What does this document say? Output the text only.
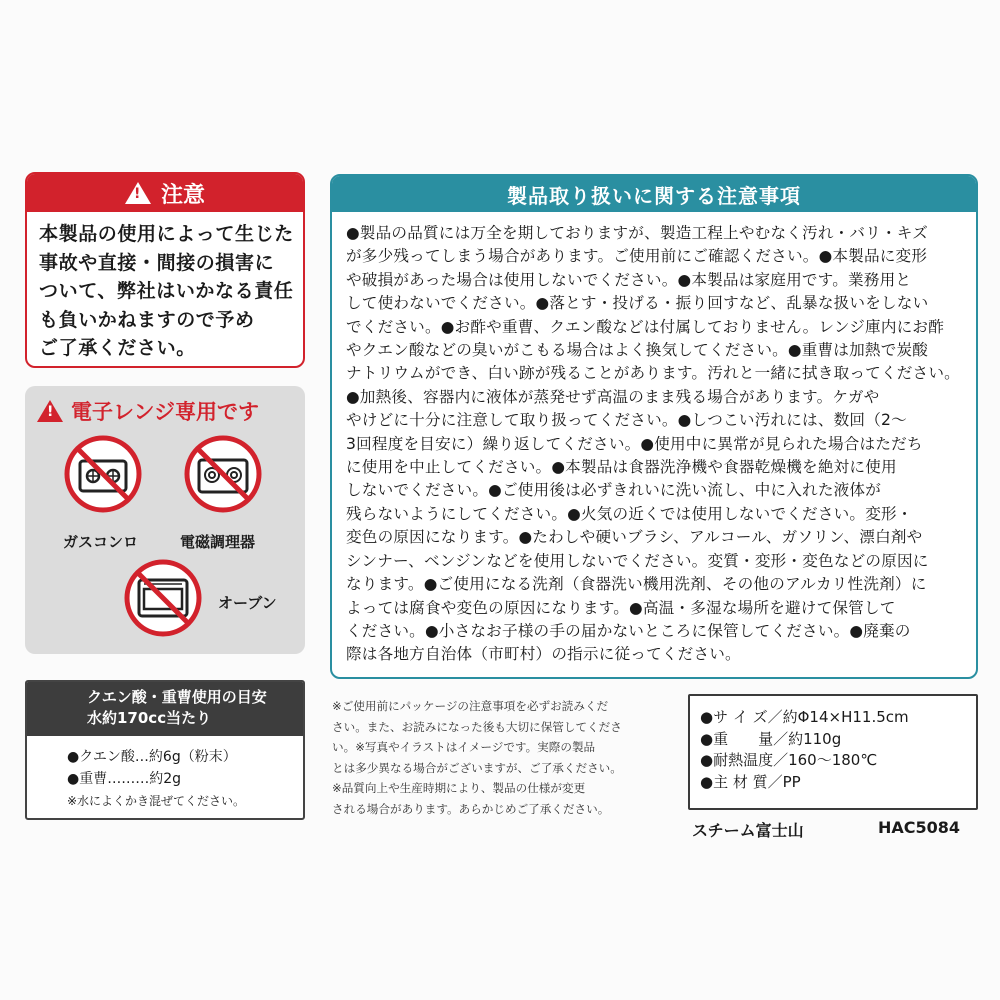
! 注意
本製品の使用によって生じた
事故や直接・間接の損害に
ついて、弊社はいかなる責任
も負いかねますので予め
ご了承ください。
! 電子レンジ専用です
ガスコンロ	電磁調理器
オーブン
クエン酸・重曹使用の目安
水約170cc当たり
●クエン酸…約6g（粉末）
●重曹………約2g
※水によくかき混ぜてください。
製品取り扱いに関する注意事項
●製品の品質には万全を期しておりますが、製造工程上やむなく汚れ・バリ・キズ
が多少残ってしまう場合があります。ご使用前にご確認ください。●本製品に変形
や破損があった場合は使用しないでください。●本製品は家庭用です。業務用と
して使わないでください。●落とす・投げる・振り回すなど、乱暴な扱いをしない
でください。●お酢や重曹、クエン酸などは付属しておりません。レンジ庫内にお酢
やクエン酸などの臭いがこもる場合はよく換気してください。●重曹は加熱で炭酸
ナトリウムができ、白い跡が残ることがあります。汚れと一緒に拭き取ってください。
●加熱後、容器内に液体が蒸発せず高温のまま残る場合があります。ケガや
やけどに十分に注意して取り扱ってください。●しつこい汚れには、数回（2～
3回程度を目安に）繰り返してください。●使用中に異常が見られた場合はただち
に使用を中止してください。●本製品は食器洗浄機や食器乾燥機を絶対に使用
しないでください。●ご使用後は必ずきれいに洗い流し、中に入れた液体が
残らないようにしてください。●火気の近くでは使用しないでください。変形・
変色の原因になります。●たわしや硬いブラシ、アルコール、ガソリン、漂白剤や
シンナー、ベンジンなどを使用しないでください。変質・変形・変色などの原因に
なります。●ご使用になる洗剤（食器洗い機用洗剤、その他のアルカリ性洗剤）に
よっては腐食や変色の原因になります。●高温・多湿な場所を避けて保管して
ください。●小さなお子様の手の届かないところに保管してください。●廃棄の
際は各地方自治体（市町村）の指示に従ってください。
※ご使用前にパッケージの注意事項を必ずお読みくだ
さい。また、お読みになった後も大切に保管してくださ
い。※写真やイラストはイメージです。実際の製品
とは多少異なる場合がございますが、ご了承ください。
※品質向上や生産時期により、製品の仕様が変更
される場合があります。あらかじめご了承ください。
●サ イ ズ／約Φ14×H11.5cm
●重　　量／約110g
●耐熱温度／160～180℃
●主 材 質／PP
スチーム富士山	HAC5084
